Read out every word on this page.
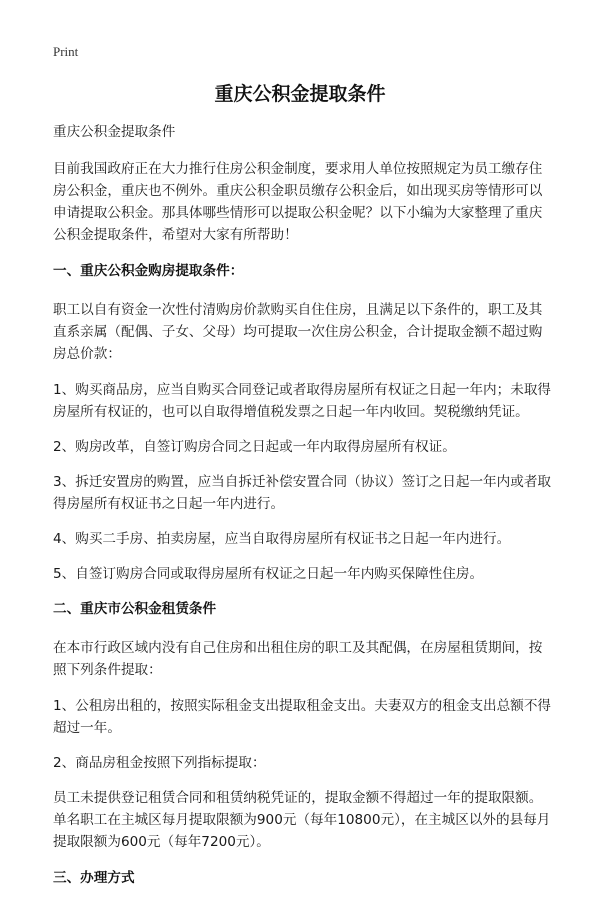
Print
重庆公积金提取条件

重庆公积金提取条件

目前我国政府正在大力推行住房公积金制度，要求用人单位按照规定为员工缴存住房公积金，重庆也不例外。重庆公积金职员缴存公积金后，如出现买房等情形可以申请提取公积金。那具体哪些情形可以提取公积金呢？以下小编为大家整理了重庆公积金提取条件，希望对大家有所帮助！

一、重庆公积金购房提取条件：

职工以自有资金一次性付清购房价款购买自住住房，且满足以下条件的，职工及其直系亲属（配偶、子女、父母）均可提取一次住房公积金，合计提取金额不超过购房总价款：

1、购买商品房，应当自购买合同登记或者取得房屋所有权证之日起一年内；未取得房屋所有权证的，也可以自取得增值税发票之日起一年内收回。契税缴纳凭证。

2、购房改革，自签订购房合同之日起或一年内取得房屋所有权证。

3、拆迁安置房的购置，应当自拆迁补偿安置合同（协议）签订之日起一年内或者取得房屋所有权证书之日起一年内进行。

4、购买二手房、拍卖房屋，应当自取得房屋所有权证书之日起一年内进行。

5、自签订购房合同或取得房屋所有权证之日起一年内购买保障性住房。

二、重庆市公积金租赁条件

在本市行政区域内没有自己住房和出租住房的职工及其配偶，在房屋租赁期间，按照下列条件提取：

1、公租房出租的，按照实际租金支出提取租金支出。夫妻双方的租金支出总额不得超过一年。

2、商品房租金按照下列指标提取：

员工未提供登记租赁合同和租赁纳税凭证的，提取金额不得超过一年的提取限额。单名职工在主城区每月提取限额为900元（每年10800元），在主城区以外的县每月提取限额为600元（每年7200元）。

三、办理方式
